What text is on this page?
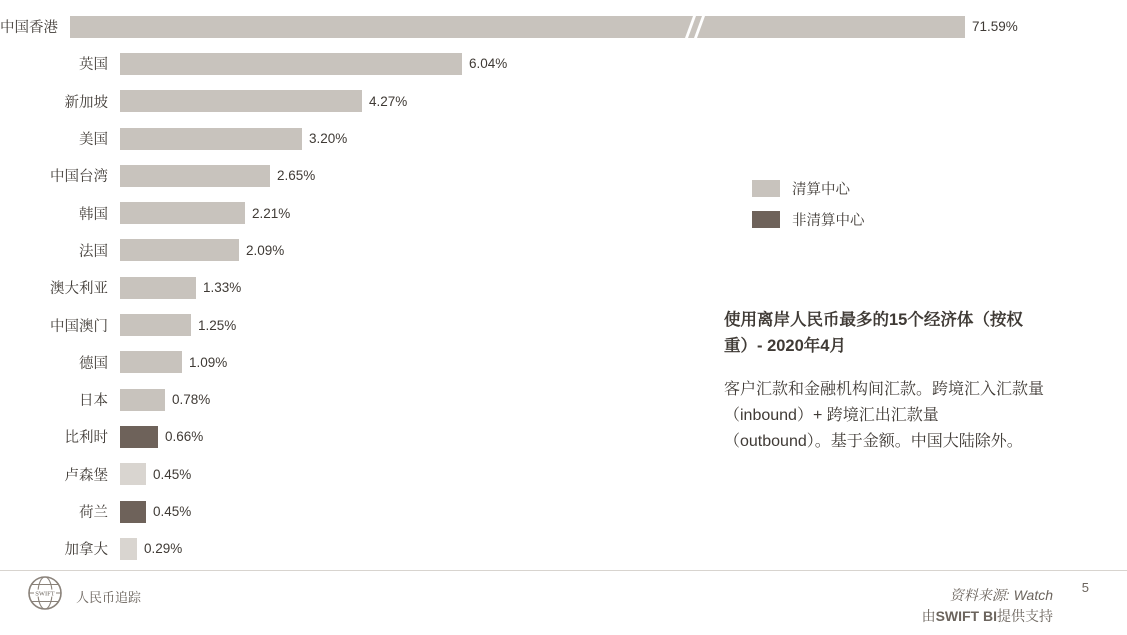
中国香港	71.59%
英国	6.04%
新加坡	4.27%
美国	3.20%
中国台湾	2.65%
韩国	2.21%
法国	2.09%
澳大利亚	1.33%
中国澳门	1.25%
德国	1.09%
日本	0.78%
比利时	0.66%
卢森堡	0.45%
荷兰	0.45%
加拿大	0.29%
清算中心
非清算中心
使用离岸人民币最多的15个经济体（按权重）- 2020年4月
客户汇款和金融机构间汇款。跨境汇入汇款量（inbound）+ 跨境汇出汇款量（outbound）。基于金额。中国大陆除外。
SWIFT 人民币追踪	资料来源: Watch
由SWIFT BI提供支持
5
